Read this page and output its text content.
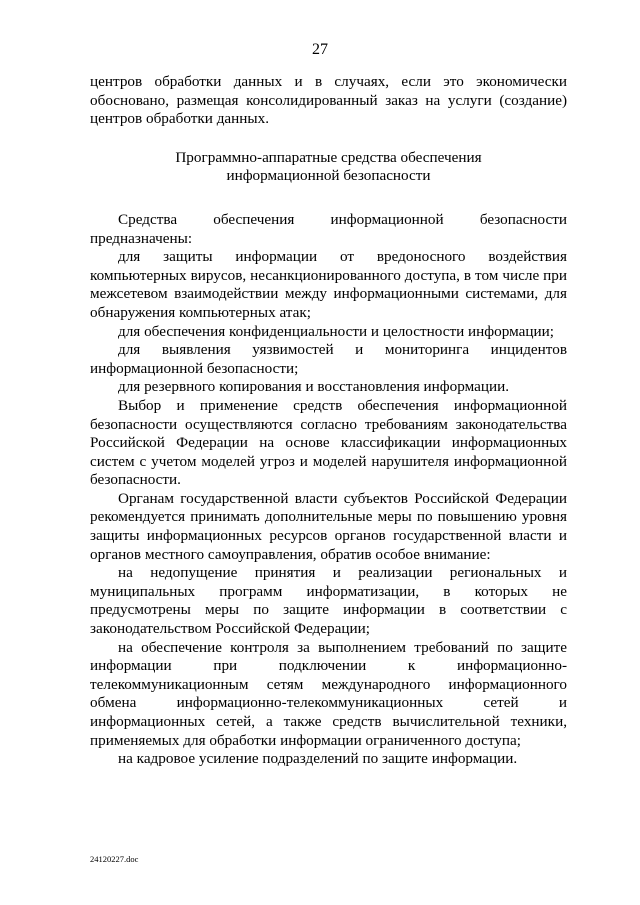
27

центров обработки данных и в случаях, если это экономически обосновано, размещая консолидированный заказ на услуги (создание) центров обработки данных.

Программно-аппаратные средства обеспечения
информационной безопасности

Средства обеспечения информационной безопасности предназначены:

для защиты информации от вредоносного воздействия компьютерных вирусов, несанкционированного доступа, в том числе при межсетевом взаимодействии между информационными системами, для обнаружения компьютерных атак;

для обеспечения конфиденциальности и целостности информации;

для выявления уязвимостей и мониторинга инцидентов информационной безопасности;

для резервного копирования и восстановления информации.

Выбор и применение средств обеспечения информационной безопасности осуществляются согласно требованиям законодательства Российской Федерации на основе классификации информационных систем с учетом моделей угроз и моделей нарушителя информационной безопасности.

Органам государственной власти субъектов Российской Федерации рекомендуется принимать дополнительные меры по повышению уровня защиты информационных ресурсов органов государственной власти и органов местного самоуправления, обратив особое внимание:

на недопущение принятия и реализации региональных и муниципальных программ информатизации, в которых не предусмотрены меры по защите информации в соответствии с законодательством Российской Федерации;

на обеспечение контроля за выполнением требований по защите информации при подключении к информационно-телекоммуникационным сетям международного информационного обмена информационно-телекоммуникационных сетей и информационных сетей, а также средств вычислительной техники, применяемых для обработки информации ограниченного доступа;

на кадровое усиление подразделений по защите информации.

24120227.doc
